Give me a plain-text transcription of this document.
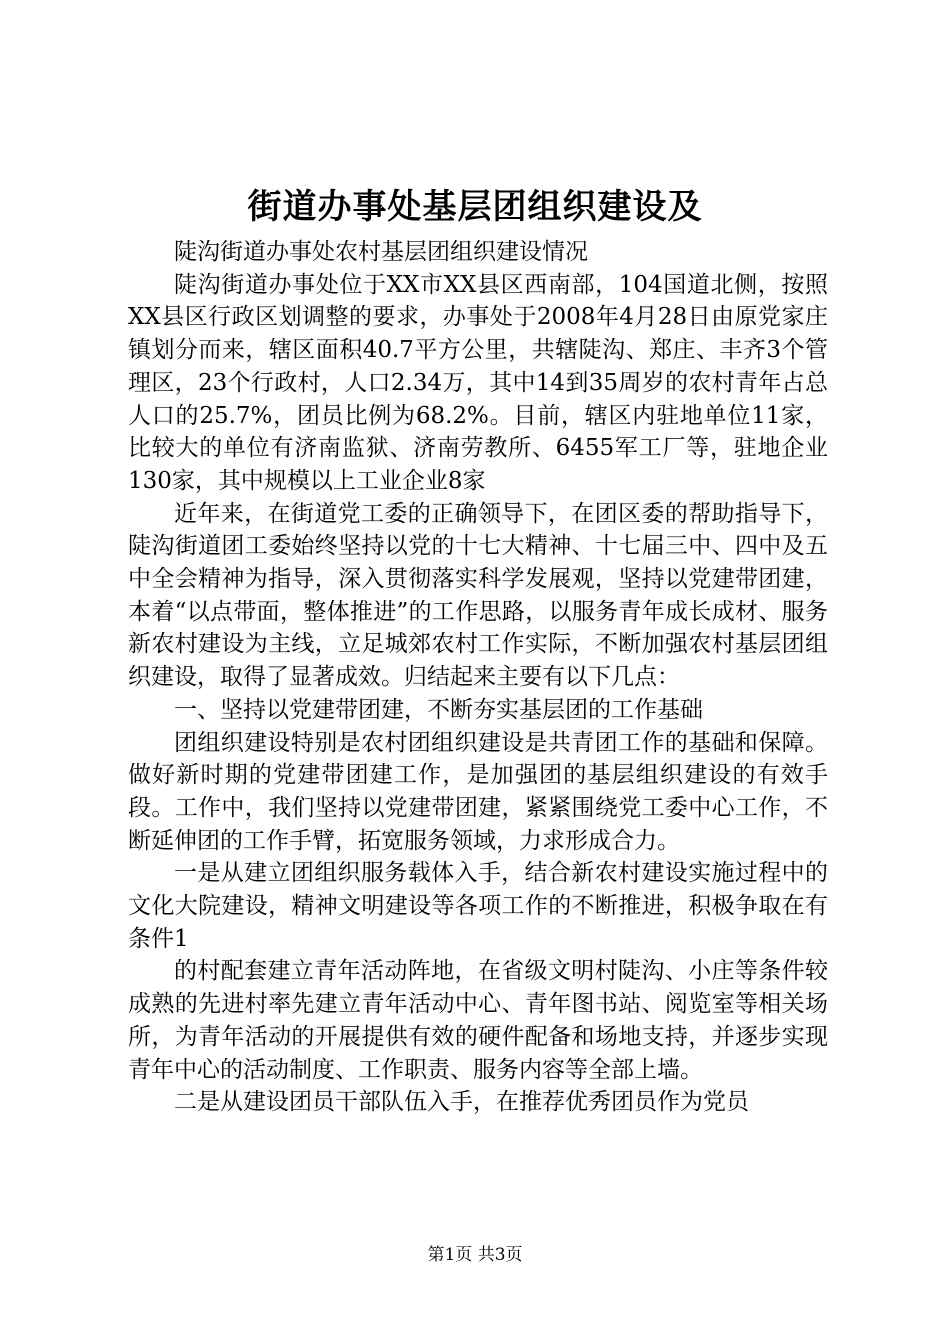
街道办事处基层团组织建设及

陡沟街道办事处农村基层团组织建设情况

陡沟街道办事处位于XX市XX县区西南部，104国道北侧，按照XX县区行政区划调整的要求，办事处于2008年4月28日由原党家庄镇划分而来，辖区面积40.7平方公里，共辖陡沟、郑庄、丰齐3个管理区，23个行政村，人口2.34万，其中14到35周岁的农村青年占总人口的25.7%，团员比例为68.2%。目前，辖区内驻地单位11家，比较大的单位有济南监狱、济南劳教所、6455军工厂等，驻地企业130家，其中规模以上工业企业8家

近年来，在街道党工委的正确领导下，在团区委的帮助指导下，陡沟街道团工委始终坚持以党的十七大精神、十七届三中、四中及五中全会精神为指导，深入贯彻落实科学发展观，坚持以党建带团建，本着“以点带面，整体推进”的工作思路，以服务青年成长成材、服务新农村建设为主线，立足城郊农村工作实际，不断加强农村基层团组织建设，取得了显著成效。归结起来主要有以下几点：

一、坚持以党建带团建，不断夯实基层团的工作基础

团组织建设特别是农村团组织建设是共青团工作的基础和保障。做好新时期的党建带团建工作，是加强团的基层组织建设的有效手段。工作中，我们坚持以党建带团建，紧紧围绕党工委中心工作，不断延伸团的工作手臂，拓宽服务领域，力求形成合力。

一是从建立团组织服务载体入手，结合新农村建设实施过程中的文化大院建设，精神文明建设等各项工作的不断推进，积极争取在有条件1

的村配套建立青年活动阵地，在省级文明村陡沟、小庄等条件较成熟的先进村率先建立青年活动中心、青年图书站、阅览室等相关场所，为青年活动的开展提供有效的硬件配备和场地支持，并逐步实现青年中心的活动制度、工作职责、服务内容等全部上墙。

二是从建设团员干部队伍入手，在推荐优秀团员作为党员

第1页 共3页
